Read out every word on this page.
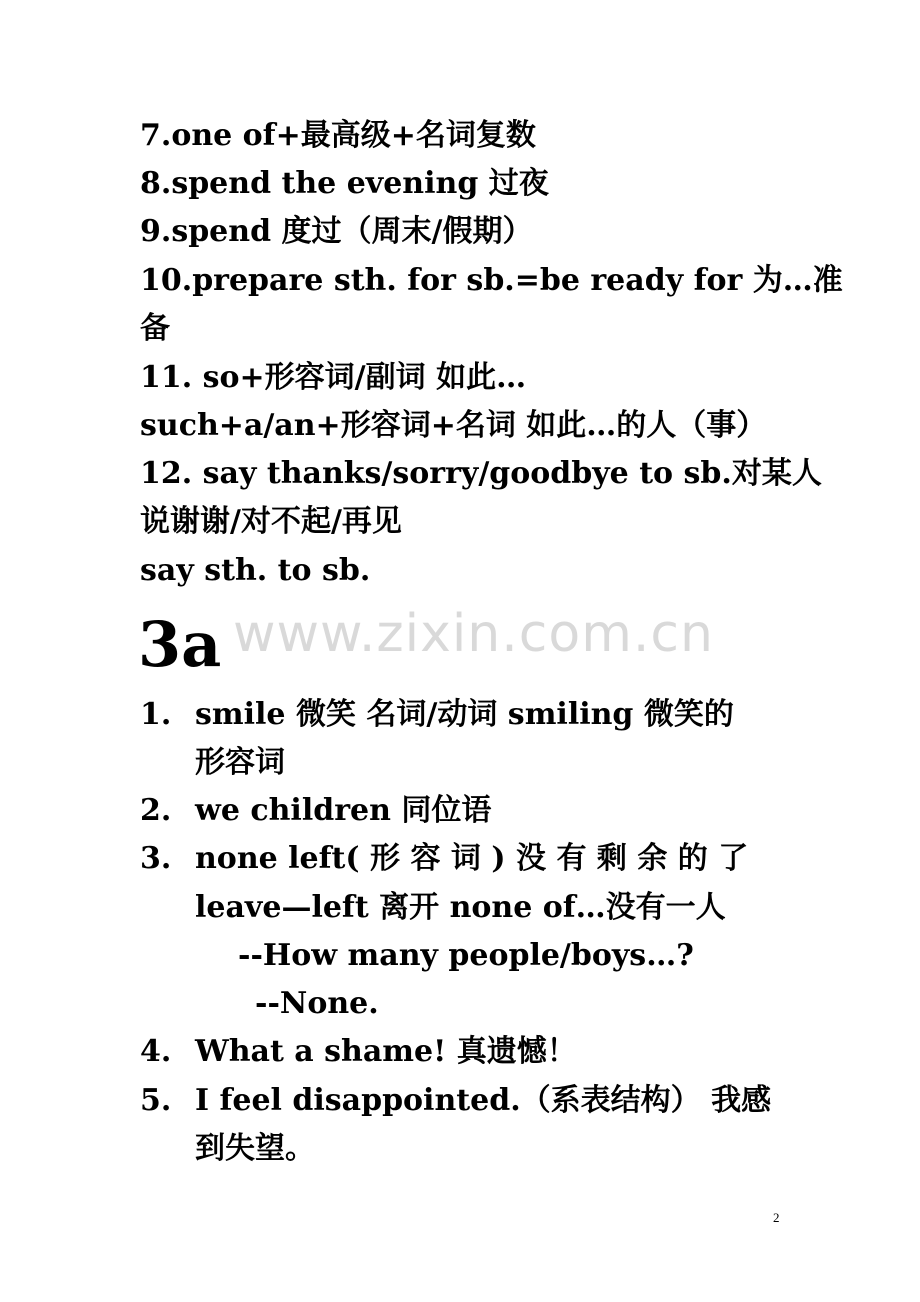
7.one of+最高级+名词复数
8.spend the evening 过夜
9.spend 度过（周末/假期）
10.prepare sth. for sb.=be ready for 为…准
备
11. so+形容词/副词 如此…
such+a/an+形容词+名词 如此…的人（事）
12. say thanks/sorry/goodbye to sb.对某人
说谢谢/对不起/再见
say sth. to sb.
www.zixin.com.cn
3a
1. smile 微笑 名词/动词 smiling 微笑的
形容词
2. we children 同位语
3. none left( 形 容 词 ) 没 有 剩 余 的 了
leave—left 离开 none of…没有一人
--How many people/boys…?
--None.
4. What a shame! 真遗憾！
5. I feel disappointed.（系表结构） 我感
到失望。
2
